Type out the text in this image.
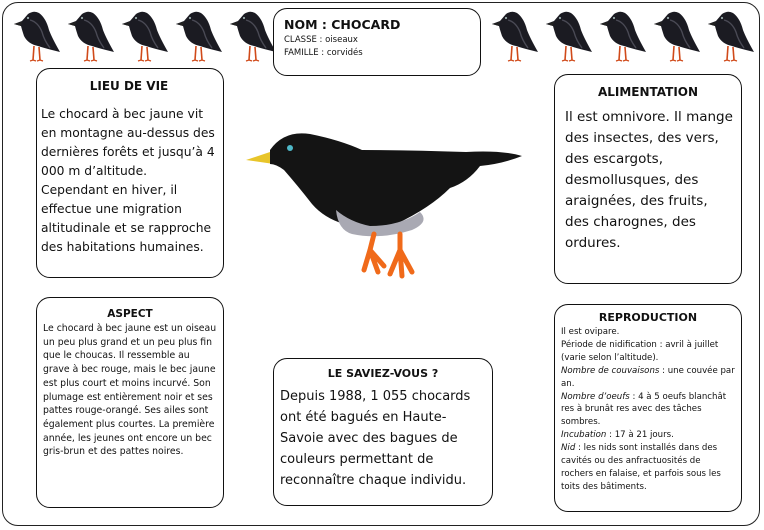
NOM : CHOCARD
CLASSE : oiseaux
FAMILLE : corvidés
LIEU DE VIE

Le chocard à bec jaune vit en montagne au-dessus des dernières forêts et jusqu’à 4 000 m d’altitude. Cependant en hiver, il effectue une migration altitudinale et se rapproche des habitations humaines.

ALIMENTATION

Il est omnivore. Il mange des insectes, des vers, des escargots, desmollusques, des araignées, des fruits, des charognes, des ordures.

ASPECT

Le chocard à bec jaune est un oiseau un peu plus grand et un peu plus fin que le choucas. Il ressemble au grave à bec rouge, mais le bec jaune est plus court et moins incurvé. Son plumage est entièrement noir et ses pattes rouge-orangé. Ses ailes sont également plus courtes. La première année, les jeunes ont encore un bec gris-brun et des pattes noires.

LE SAVIEZ-VOUS ?

Depuis 1988, 1 055 chocards ont été bagués en Haute-Savoie avec des bagues de couleurs permettant de reconnaître chaque individu.

REPRODUCTION

Il est ovipare.
Période de nidification : avril à juillet (varie selon l’altitude).
Nombre de couvaisons : une couvée par an.
Nombre d’oeufs : 4 à 5 oeufs blanchât res à brunât res avec des tâches sombres.
Incubation : 17 à 21 jours.
Nid : les nids sont installés dans des cavités ou des anfractuosités de rochers en falaise, et parfois sous les toits des bâtiments.
